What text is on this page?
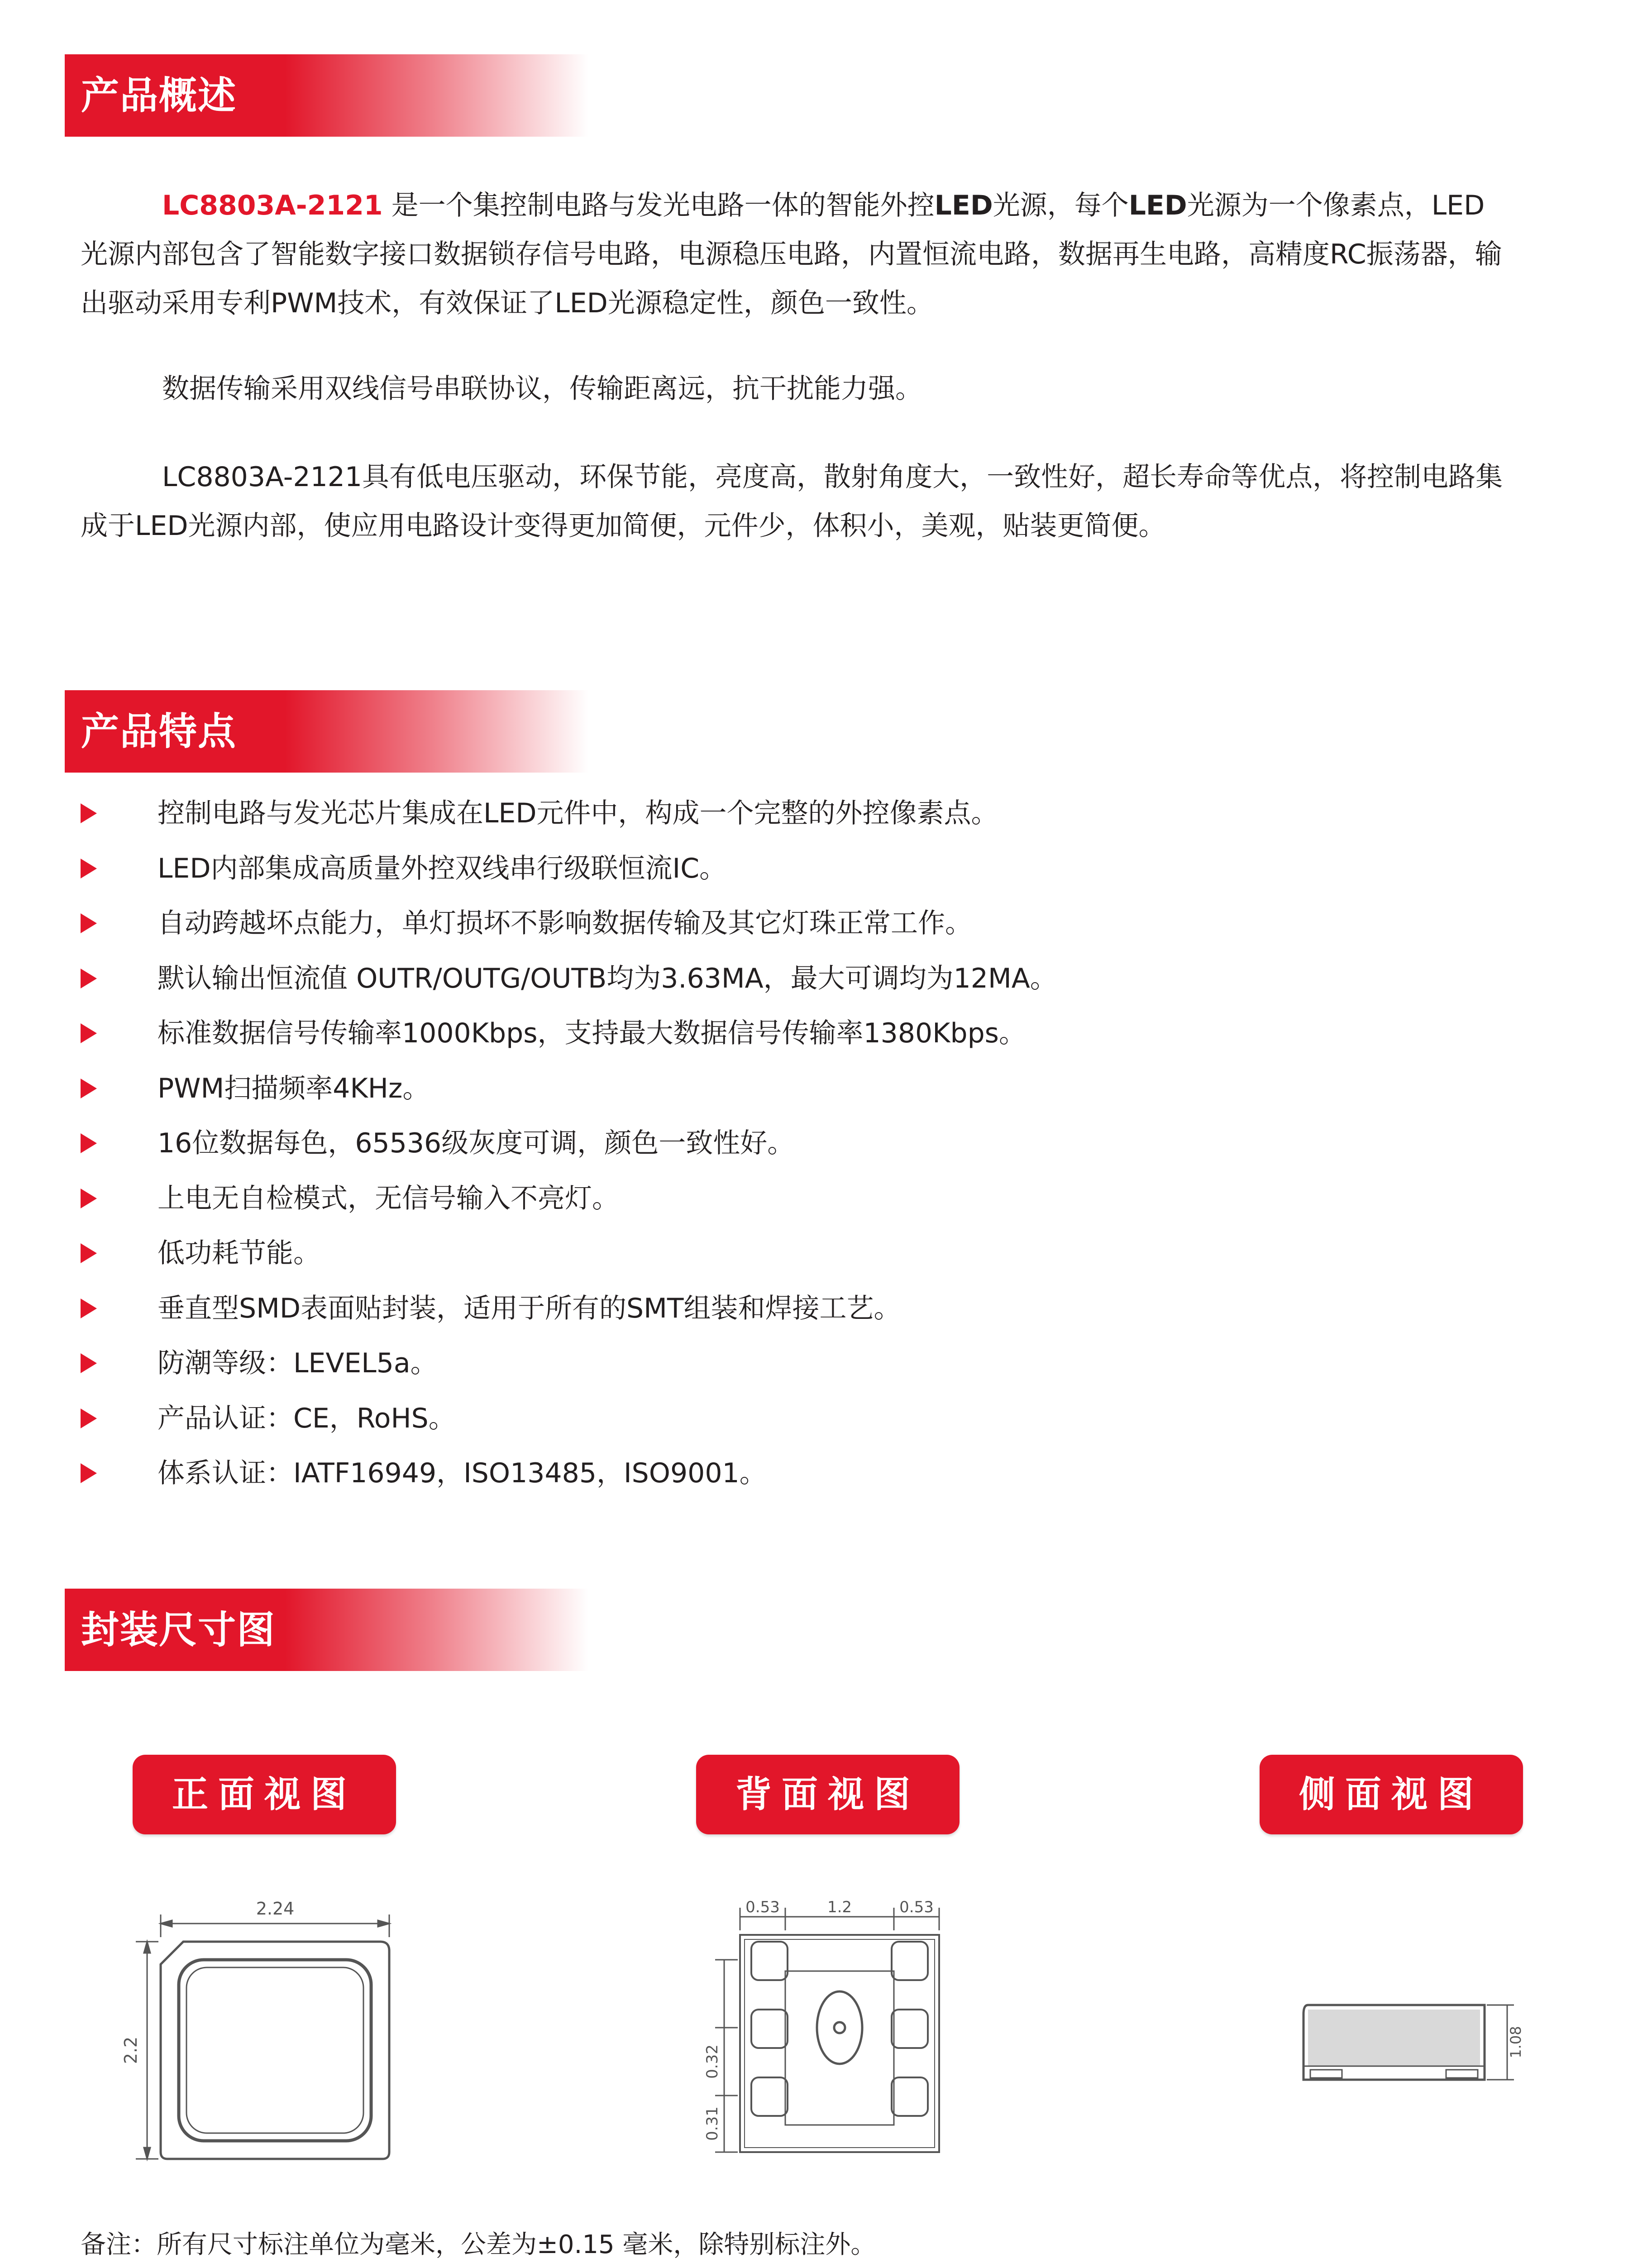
产品概述
LC8803A-2121 是一个集控制电路与发光电路一体的智能外控LED光源，每个LED光源为一个像素点，LED光源内部包含了智能数字接口数据锁存信号电路，电源稳压电路，内置恒流电路，数据再生电路，高精度RC振荡器，输出驱动采用专利PWM技术，有效保证了LED光源稳定性，颜色一致性。
数据传输采用双线信号串联协议，传输距离远，抗干扰能力强。
LC8803A-2121具有低电压驱动，环保节能，亮度高，散射角度大，一致性好，超长寿命等优点，将控制电路集成于LED光源内部，使应用电路设计变得更加简便，元件少，体积小，美观，贴装更简便。
产品特点
控制电路与发光芯片集成在LED元件中，构成一个完整的外控像素点。
LED内部集成高质量外控双线串行级联恒流IC。
自动跨越坏点能力，单灯损坏不影响数据传输及其它灯珠正常工作。
默认输出恒流值 OUTR/OUTG/OUTB均为3.63MA，最大可调均为12MA。
标准数据信号传输率1000Kbps，支持最大数据信号传输率1380Kbps。
PWM扫描频率4KHz。
16位数据每色，65536级灰度可调，颜色一致性好。
上电无自检模式，无信号输入不亮灯。
低功耗节能。
垂直型SMD表面贴封装，适用于所有的SMT组装和焊接工艺。
防潮等级：LEVEL5a。
产品认证：CE，RoHS。
体系认证：IATF16949，ISO13485，ISO9001。
封装尺寸图
正面视图	背面视图	侧面视图
2.24
2.2
0.53	1.2	0.53
0.32
0.31
1.08
备注：所有尺寸标注单位为毫米，公差为±0.15 毫米，除特别标注外。
